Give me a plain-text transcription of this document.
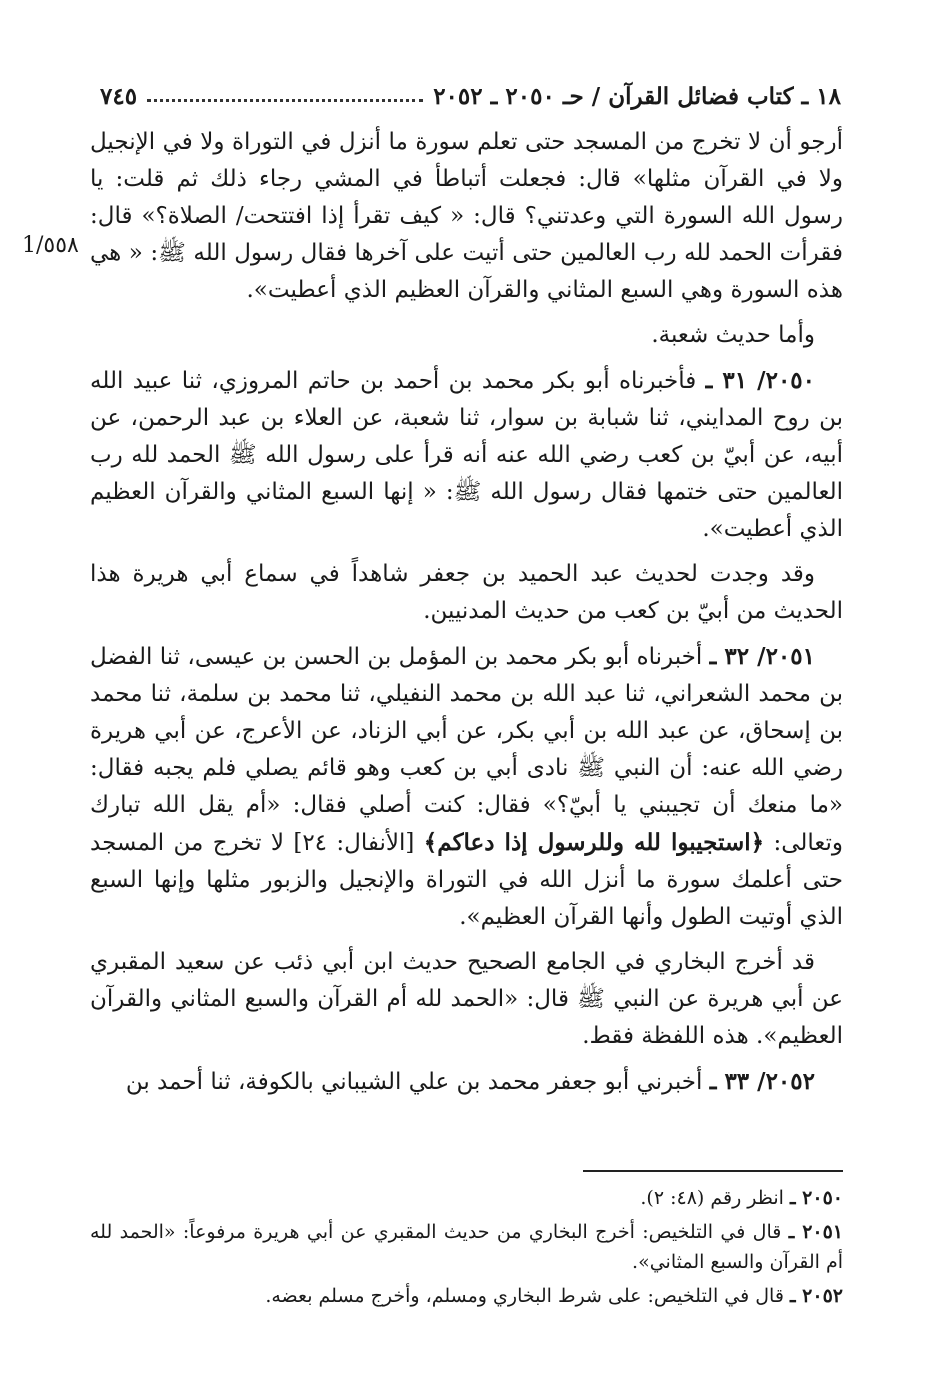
١٨ ـ كتاب فضائل القرآن / حـ ٢٠٥٠ ـ ٢٠٥٢
٧٤٥
1/٥٥٨

أرجو أن لا تخرج من المسجد حتى تعلم سورة ما أنزل في التوراة ولا في الإنجيل ولا في القرآن مثلها» قال: فجعلت أتباطأ في المشي رجاء ذلك ثم قلت: يا رسول الله السورة التي وعدتني؟ قال: « كيف تقرأ إذا افتتحت/ الصلاة؟» قال: فقرأت الحمد لله رب العالمين حتى أتيت على آخرها فقال رسول الله ﷺ: « هي هذه السورة وهي السبع المثاني والقرآن العظيم الذي أعطيت».

وأما حديث شعبة.

٢٠٥٠/ ٣١ ـ فأخبرناه أبو بكر محمد بن أحمد بن حاتم المروزي، ثنا عبيد الله بن روح المدايني، ثنا شبابة بن سوار، ثنا شعبة، عن العلاء بن عبد الرحمن، عن أبيه، عن أبيّ بن كعب رضي الله عنه أنه قرأ على رسول الله ﷺ الحمد لله رب العالمين حتى ختمها فقال رسول الله ﷺ: « إنها السبع المثاني والقرآن العظيم الذي أعطيت».

وقد وجدت لحديث عبد الحميد بن جعفر شاهداً في سماع أبي هريرة هذا الحديث من أبيّ بن كعب من حديث المدنيين.

٢٠٥١/ ٣٢ ـ أخبرناه أبو بكر محمد بن المؤمل بن الحسن بن عيسى، ثنا الفضل بن محمد الشعراني، ثنا عبد الله بن محمد النفيلي، ثنا محمد بن سلمة، ثنا محمد بن إسحاق، عن عبد الله بن أبي بكر، عن أبي الزناد، عن الأعرج، عن أبي هريرة رضي الله عنه: أن النبي ﷺ نادى أبي بن كعب وهو قائم يصلي فلم يجبه فقال: «ما منعك أن تجيبني يا أبيّ؟» فقال: كنت أصلي فقال: «أم يقل الله تبارك وتعالى: ﴿استجيبوا لله وللرسول إذا دعاكم﴾ [الأنفال: ٢٤] لا تخرج من المسجد حتى أعلمك سورة ما أنزل الله في التوراة والإنجيل والزبور مثلها وإنها السبع الذي أوتيت الطول وأنها القرآن العظيم».

قد أخرج البخاري في الجامع الصحيح حديث ابن أبي ذئب عن سعيد المقبري عن أبي هريرة عن النبي ﷺ قال: «الحمد لله أم القرآن والسبع المثاني والقرآن العظيم». هذه اللفظة فقط.

٢٠٥٢/ ٣٣ ـ أخبرني أبو جعفر محمد بن علي الشيباني بالكوفة، ثنا أحمد بن

٢٠٥٠ ـ انظر رقم (٤٨: ٢).

٢٠٥١ ـ قال في التلخيص: أخرج البخاري من حديث المقبري عن أبي هريرة مرفوعاً: «الحمد لله أم القرآن والسبع المثاني».

٢٠٥٢ ـ قال في التلخيص: على شرط البخاري ومسلم، وأخرج مسلم بعضه.
